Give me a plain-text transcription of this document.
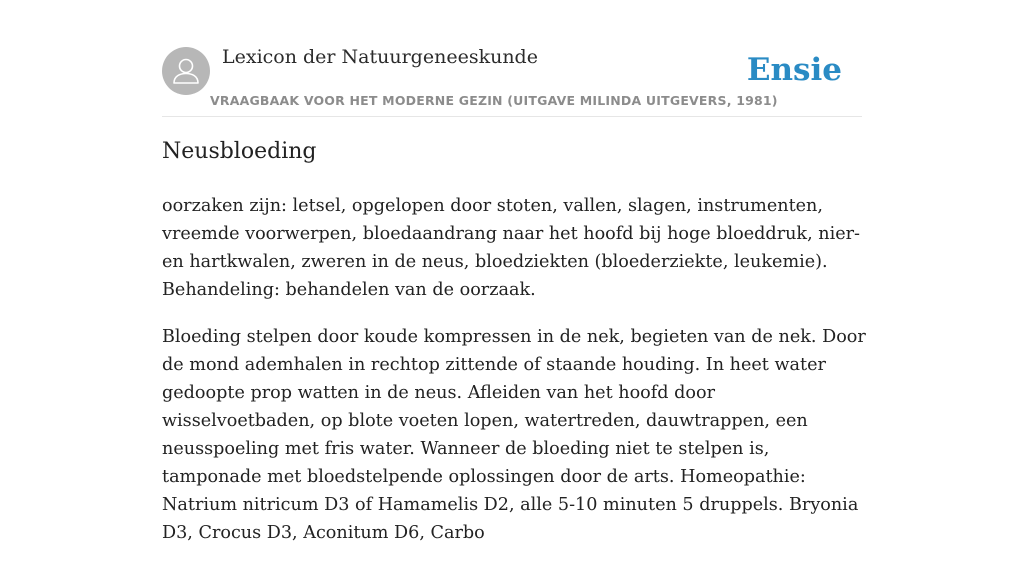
Lexicon der Natuurgeneeskunde
VRAAGBAAK VOOR HET MODERNE GEZIN (UITGAVE MILINDA UITGEVERS, 1981)
Ensie
Neusbloeding

oorzaken zijn: letsel, opgelopen door stoten, vallen, slagen, instrumenten, vreemde voorwerpen, bloedaandrang naar het hoofd bij hoge bloeddruk, nier- en hartkwalen, zweren in de neus, bloedziekten (bloederziekte, leukemie). Behandeling: behandelen van de oorzaak.

Bloeding stelpen door koude kompressen in de nek, begieten van de nek. Door de mond ademhalen in rechtop zittende of staande houding. In heet water gedoopte prop watten in de neus. Afleiden van het hoofd door wisselvoetbaden, op blote voeten lopen, watertreden, dauwtrappen, een neusspoeling met fris water. Wanneer de bloeding niet te stelpen is, tamponade met bloedstelpende oplossingen door de arts. Homeopathie: Natrium nitricum D3 of Hamamelis D2, alle 5-10 minuten 5 druppels. Bryonia D3, Crocus D3, Aconitum D6, Carbo
